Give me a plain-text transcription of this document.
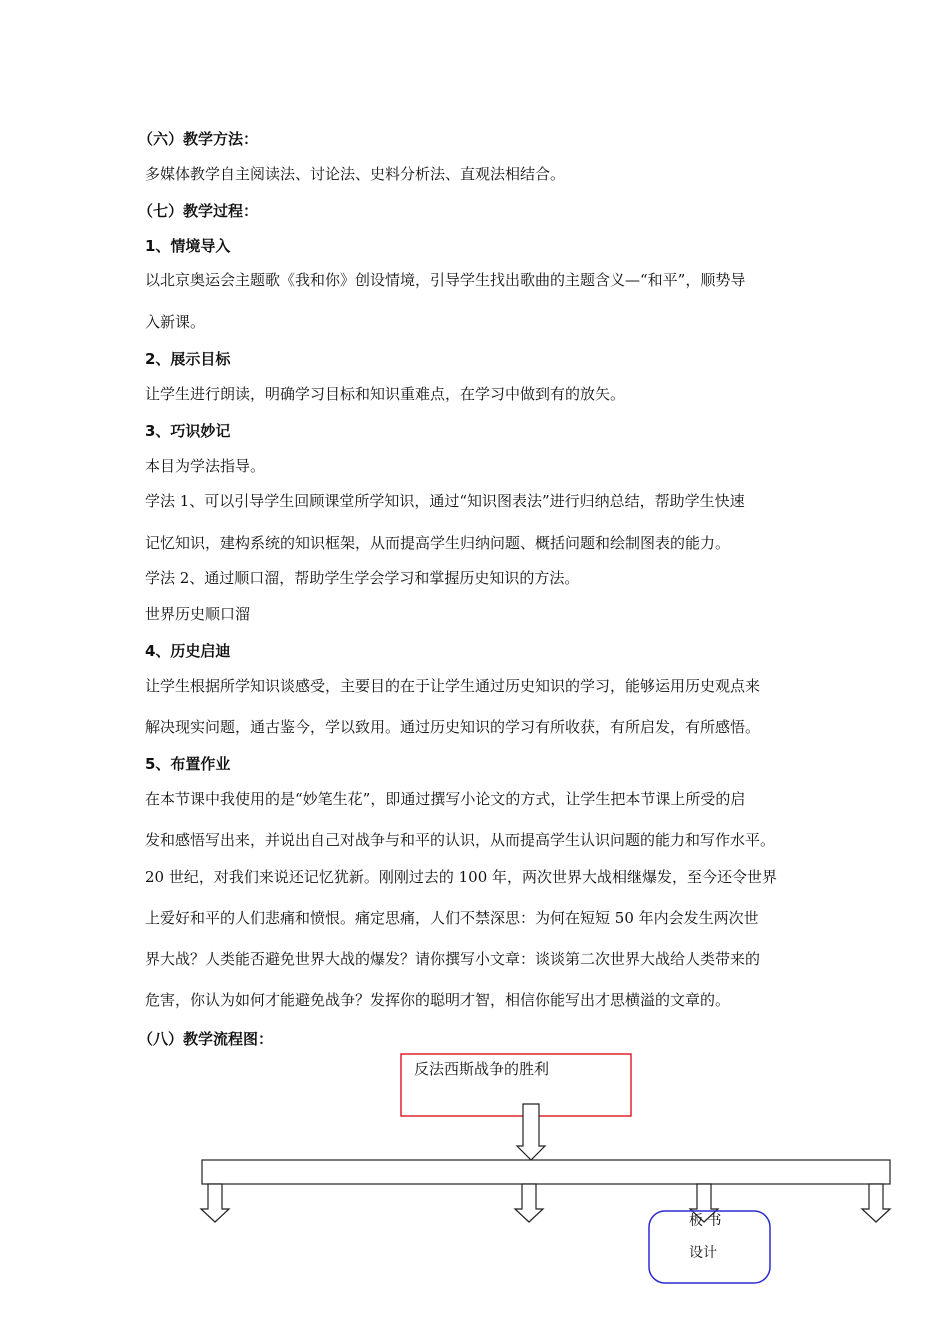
（六）教学方法：
多媒体教学自主阅读法、讨论法、史料分析法、直观法相结合。
（七）教学过程：
1、情境导入
以北京奥运会主题歌《我和你》创设情境，引导学生找出歌曲的主题含义—“和平”，顺势导
入新课。
2、展示目标
让学生进行朗读，明确学习目标和知识重难点，在学习中做到有的放矢。
3、巧识妙记
本目为学法指导。
学法 1、可以引导学生回顾课堂所学知识，通过“知识图表法”进行归纳总结，帮助学生快速
记忆知识，建构系统的知识框架，从而提高学生归纳问题、概括问题和绘制图表的能力。
学法 2、通过顺口溜，帮助学生学会学习和掌握历史知识的方法。
世界历史顺口溜
4、历史启迪
让学生根据所学知识谈感受，主要目的在于让学生通过历史知识的学习，能够运用历史观点来
解决现实问题，通古鉴今，学以致用。通过历史知识的学习有所收获，有所启发，有所感悟。
5、布置作业
在本节课中我使用的是“妙笔生花”，即通过撰写小论文的方式，让学生把本节课上所受的启
发和感悟写出来，并说出自己对战争与和平的认识，从而提高学生认识问题的能力和写作水平。
20 世纪，对我们来说还记忆犹新。刚刚过去的 100 年，两次世界大战相继爆发，至今还令世界
上爱好和平的人们悲痛和愤恨。痛定思痛，人们不禁深思：为何在短短 50 年内会发生两次世
界大战？人类能否避免世界大战的爆发？请你撰写小文章：谈谈第二次世界大战给人类带来的
危害，你认为如何才能避免战争？发挥你的聪明才智，相信你能写出才思横溢的文章的。
（八）教学流程图：
反法西斯战争的胜利
板 书
设计
